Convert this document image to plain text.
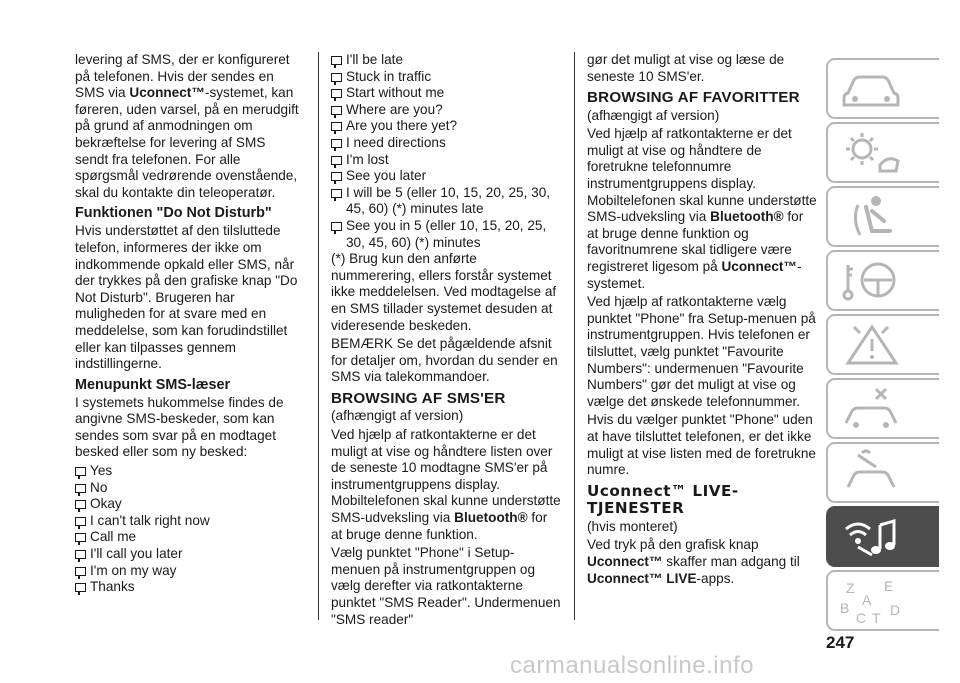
levering af SMS, der er konfigureret på telefonen. Hvis der sendes en SMS via Uconnect™-systemet, kan føreren, uden varsel, på en merudgift på grund af anmodningen om bekræftelse for levering af SMS sendt fra telefonen. For alle spørgsmål vedrørende ovenstående, skal du kontakte din teleoperatør.

Funktionen "Do Not Disturb"

Hvis understøttet af den tilsluttede telefon, informeres der ikke om indkommende opkald eller SMS, når der trykkes på den grafiske knap "Do Not Disturb". Brugeren har muligheden for at svare med en meddelelse, som kan forudindstillet eller kan tilpasses gennem indstillingerne.

Menupunkt SMS-læser

I systemets hukommelse findes de angivne SMS-beskeder, som kan sendes som svar på en modtaget besked eller som ny besked:

Yes
No
Okay
I can't talk right now
Call me
I'll call you later
I'm on my way
Thanks
I'll be late
Stuck in traffic
Start without me
Where are you?
Are you there yet?
I need directions
I'm lost
See you later
I will be 5 (eller 10, 15, 20, 25, 30, 45, 60) (*) minutes late
See you in 5 (eller 10, 15, 20, 25, 30, 45, 60) (*) minutes

(*) Brug kun den anførte nummerering, ellers forstår systemet ikke meddelelsen. Ved modtagelse af en SMS tillader systemet desuden at videresende beskeden.

BEMÆRK Se det pågældende afsnit for detaljer om, hvordan du sender en SMS via talekommandoer.

BROWSING AF SMS'ER

(afhængigt af version)

Ved hjælp af ratkontakterne er det muligt at vise og håndtere listen over de seneste 10 modtagne SMS'er på instrumentgruppens display. Mobiltelefonen skal kunne understøtte SMS-udveksling via Bluetooth® for at bruge denne funktion.

Vælg punktet "Phone" i Setup-menuen på instrumentgruppen og vælg derefter via ratkontakterne punktet "SMS Reader". Undermenuen "SMS reader"

gør det muligt at vise og læse de seneste 10 SMS'er.

BROWSING AF FAVORITTER

(afhængigt af version)

Ved hjælp af ratkontakterne er det muligt at vise og håndtere de foretrukne telefonnumre instrumentgruppens display. Mobiltelefonen skal kunne understøtte SMS-udveksling via Bluetooth® for at bruge denne funktion og favoritnumrene skal tidligere være registreret ligesom på Uconnect™-systemet.

Ved hjælp af ratkontakterne vælg punktet "Phone" fra Setup-menuen på instrumentgruppen. Hvis telefonen er tilsluttet, vælg punktet "Favourite Numbers": undermenuen "Favourite Numbers" gør det muligt at vise og vælge det ønskede telefonnummer.

Hvis du vælger punktet "Phone" uden at have tilsluttet telefonen, er det ikke muligt at vise listen med de foretrukne numre.

Uconnect™ LIVE-TJENESTER

(hvis monteret)

Ved tryk på den grafisk knap Uconnect™ skaffer man adgang til Uconnect™ LIVE-apps.

Z E
A
B
C T D
247
carmanualsonline.info
